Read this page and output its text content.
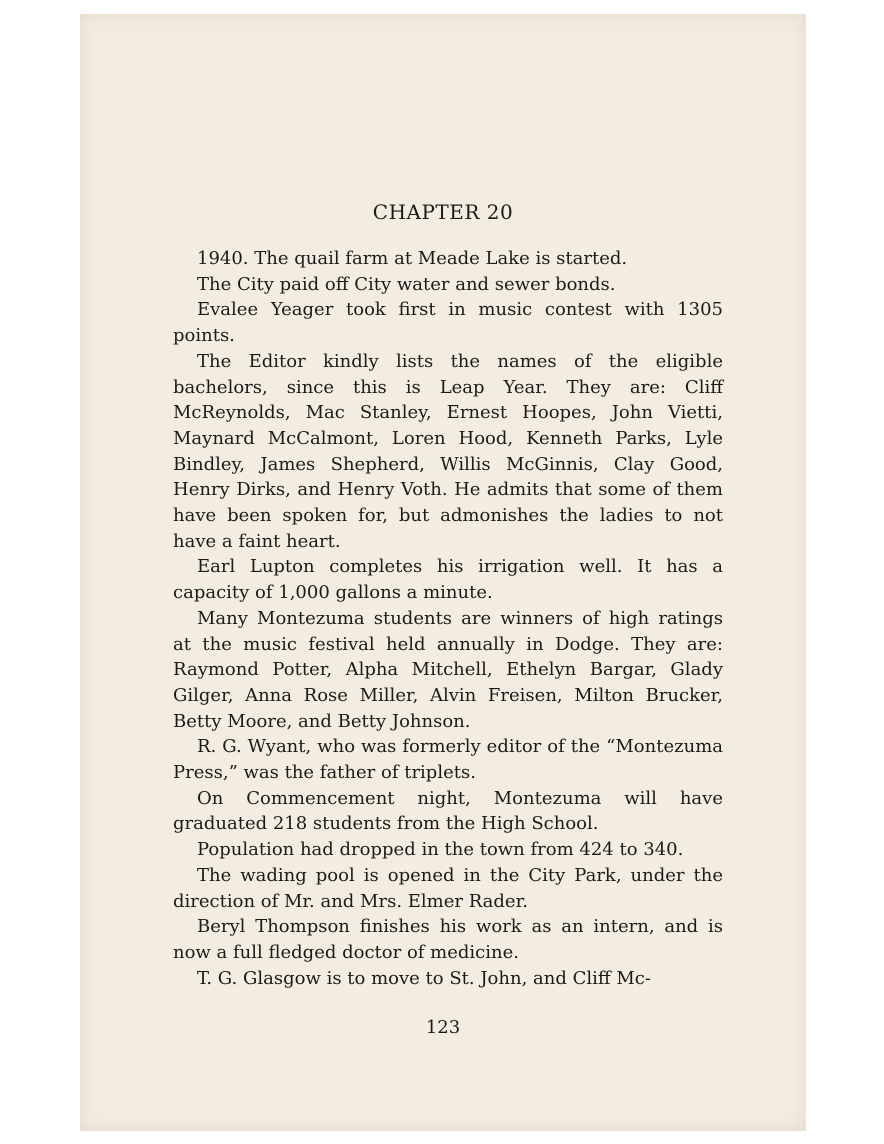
CHAPTER 20

1940. The quail farm at Meade Lake is started.

The City paid off City water and sewer bonds.

Evalee Yeager took first in music contest with 1305 points.

The Editor kindly lists the names of the eligible bachelors, since this is Leap Year. They are: Cliff McReynolds, Mac Stanley, Ernest Hoopes, John Vietti, Maynard McCalmont, Loren Hood, Kenneth Parks, Lyle Bindley, James Shepherd, Willis McGinnis, Clay Good, Henry Dirks, and Henry Voth. He admits that some of them have been spoken for, but admonishes the ladies to not have a faint heart.

Earl Lupton completes his irrigation well. It has a capacity of 1,000 gallons a minute.

Many Montezuma students are winners of high ratings at the music festival held annually in Dodge. They are: Raymond Potter, Alpha Mitchell, Ethelyn Bargar, Glady Gilger, Anna Rose Miller, Alvin Freisen, Milton Brucker, Betty Moore, and Betty Johnson.

R. G. Wyant, who was formerly editor of the “Montezuma Press,” was the father of triplets.

On Commencement night, Montezuma will have graduated 218 students from the High School.

Population had dropped in the town from 424 to 340.

The wading pool is opened in the City Park, under the direction of Mr. and Mrs. Elmer Rader.

Beryl Thompson finishes his work as an intern, and is now a full fledged doctor of medicine.

T. G. Glasgow is to move to St. John, and Cliff Mc-

123
